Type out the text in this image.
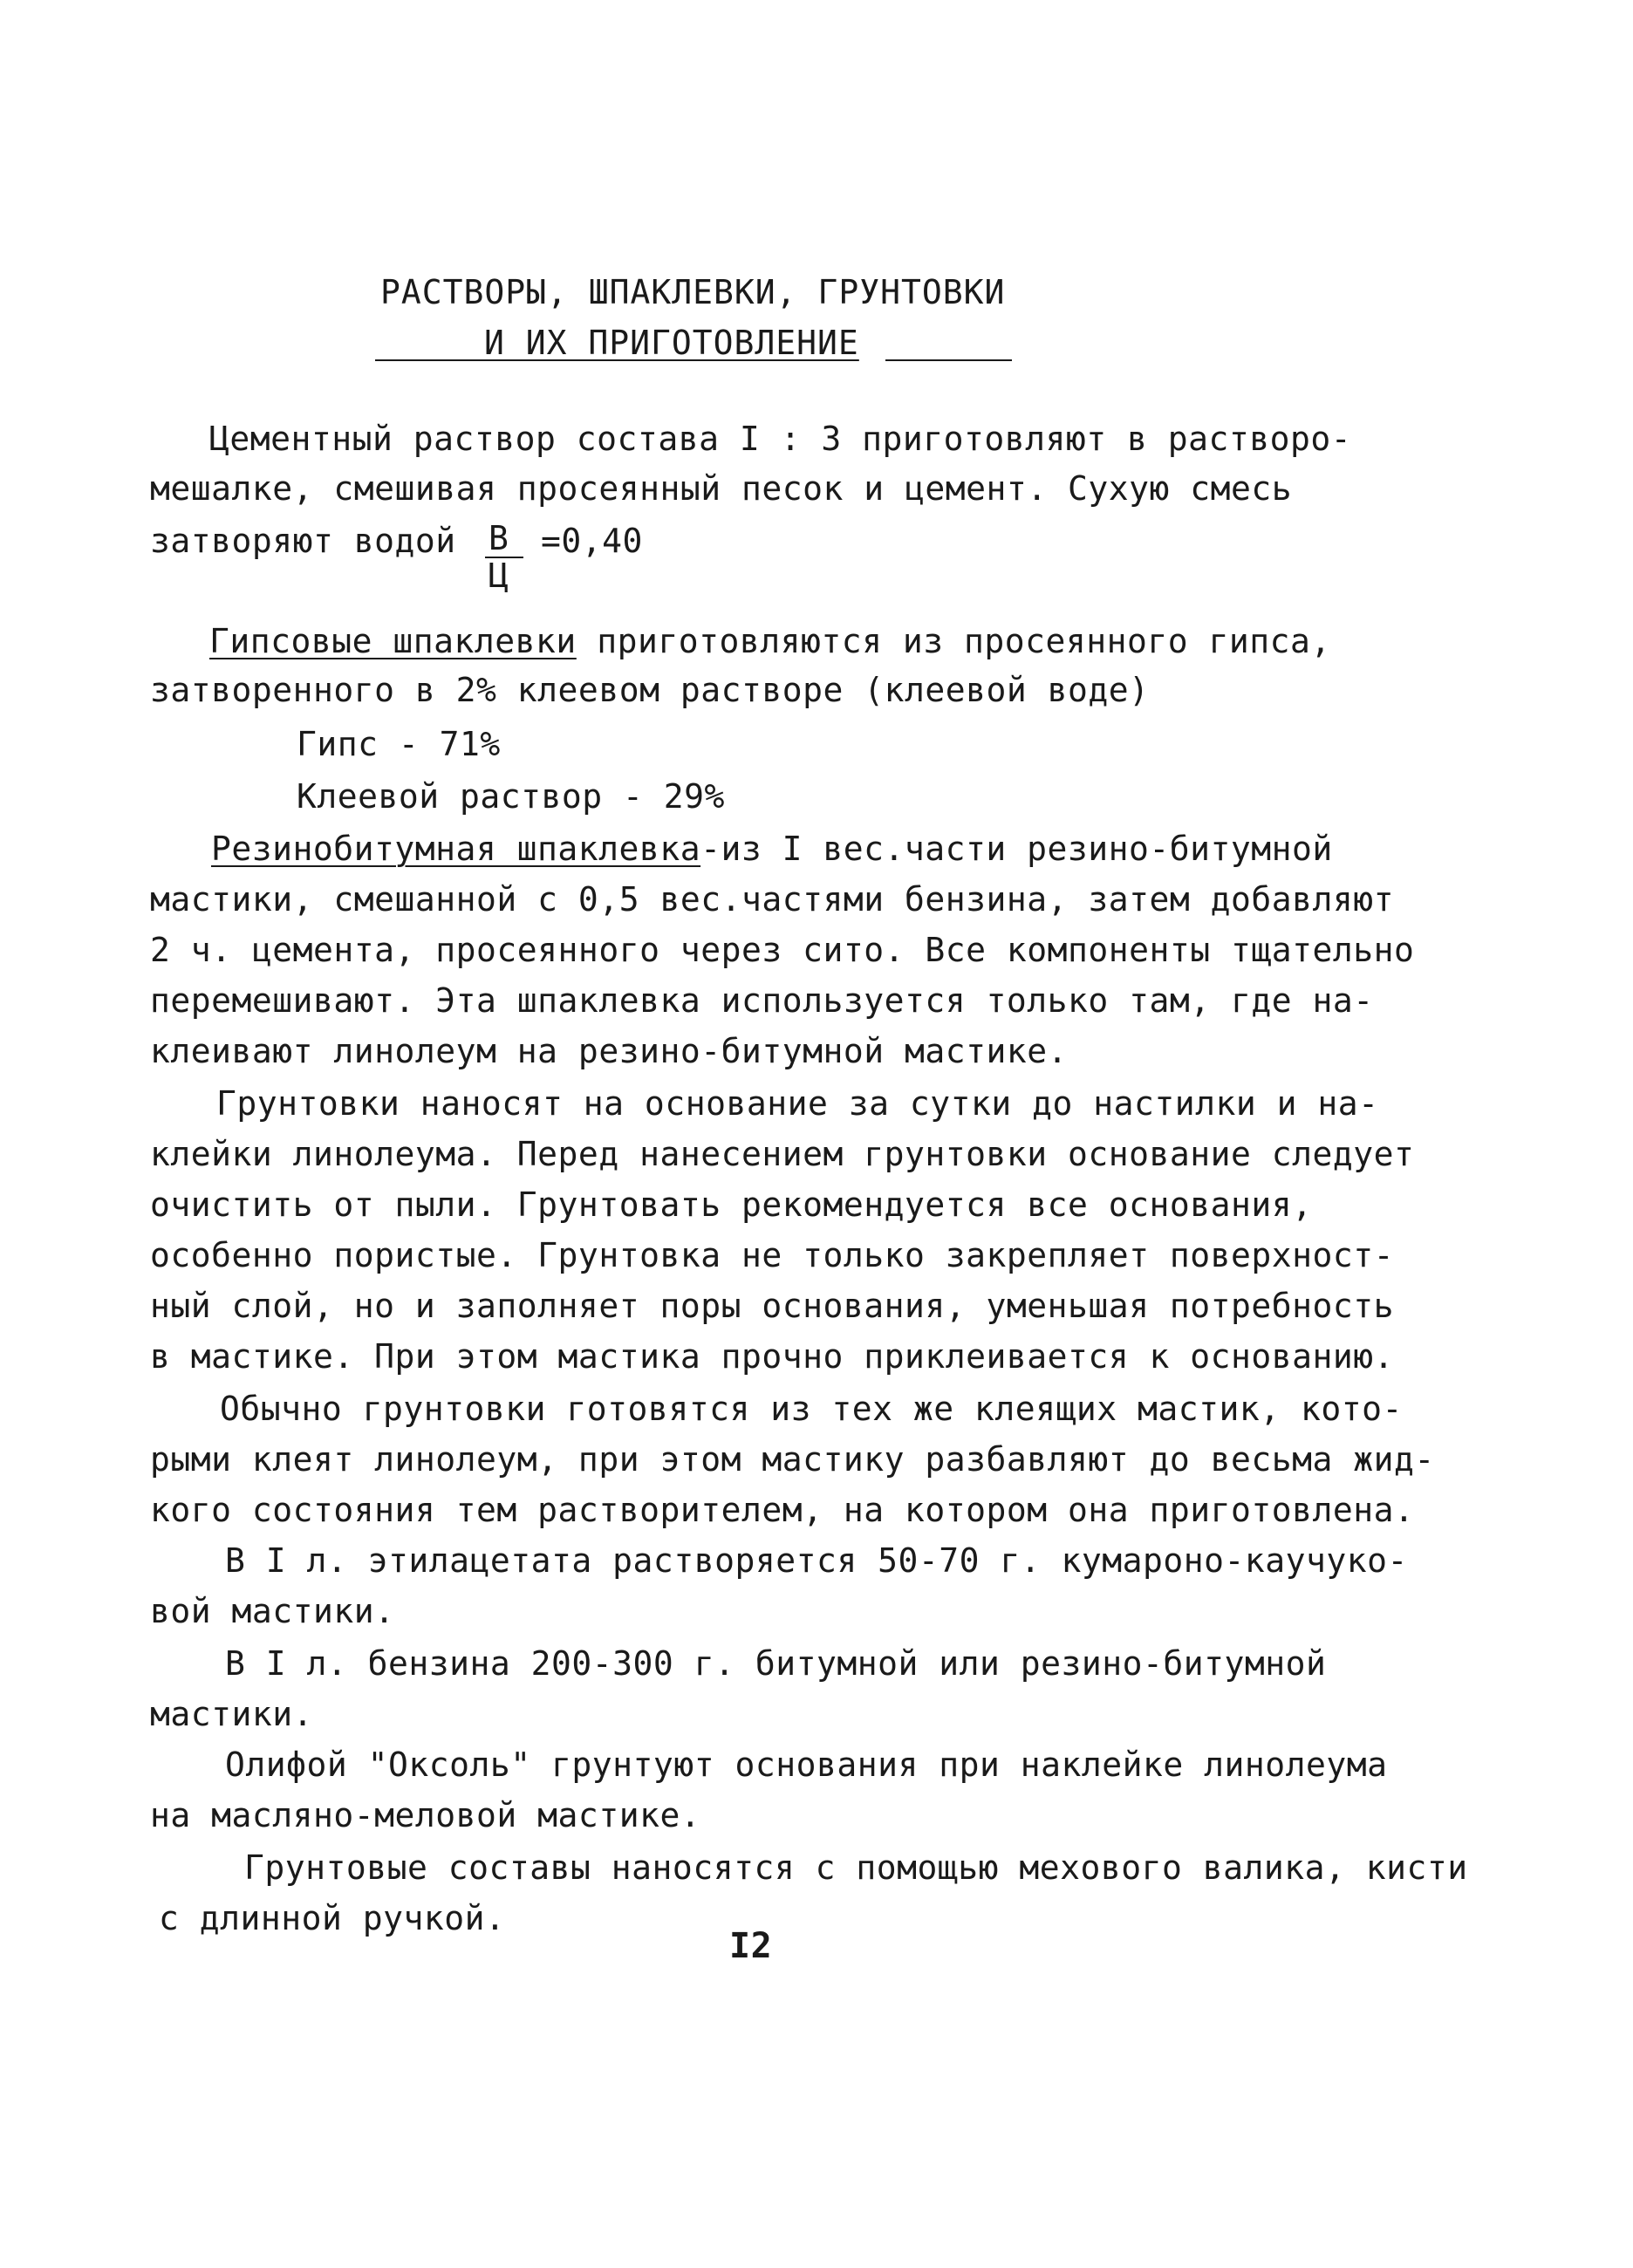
РАСТВОРЫ, ШПАКЛЕВКИ, ГРУНТОВКИ
И ИХ ПРИГОТОВЛЕНИЕ
Цементный раствор состава I : 3 приготовляют в растворо-
мешалке, смешивая просеянный песок и цемент. Сухую смесь
затворяют водой В
Ц
=0,40
Гипсовые шпаклевки приготовляются из просеянного гипса,
затворенного в 2% клеевом растворе (клеевой воде)
Гипс - 71%
Клеевой раствор - 29%
Резинобитумная шпаклевка-из I вес.части резино-битумной
мастики, смешанной с 0,5 вес.частями бензина, затем добавляют
2 ч. цемента, просеянного через сито. Все компоненты тщательно
перемешивают. Эта шпаклевка используется только там, где на-
клеивают линолеум на резино-битумной мастике.
Грунтовки наносят на основание за сутки до настилки и на-
клейки линолеума. Перед нанесением грунтовки основание следует
очистить от пыли. Грунтовать рекомендуется все основания,
особенно пористые. Грунтовка не только закрепляет поверхност-
ный слой, но и заполняет поры основания, уменьшая потребность
в мастике. При этом мастика прочно приклеивается к основанию.
Обычно грунтовки готовятся из тех же клеящих мастик, кото-
рыми клеят линолеум, при этом мастику разбавляют до весьма жид-
кого состояния тем растворителем, на котором она приготовлена.
В I л. этилацетата растворяется 50-70 г. кумароно-каучуко-
вой мастики.
В I л. бензина 200-300 г. битумной или резино-битумной
мастики.
Олифой "Оксоль" грунтуют основания при наклейке линолеума
на масляно-меловой мастике.
Грунтовые составы наносятся с помощью мехового валика, кисти
с длинной ручкой.
I2
